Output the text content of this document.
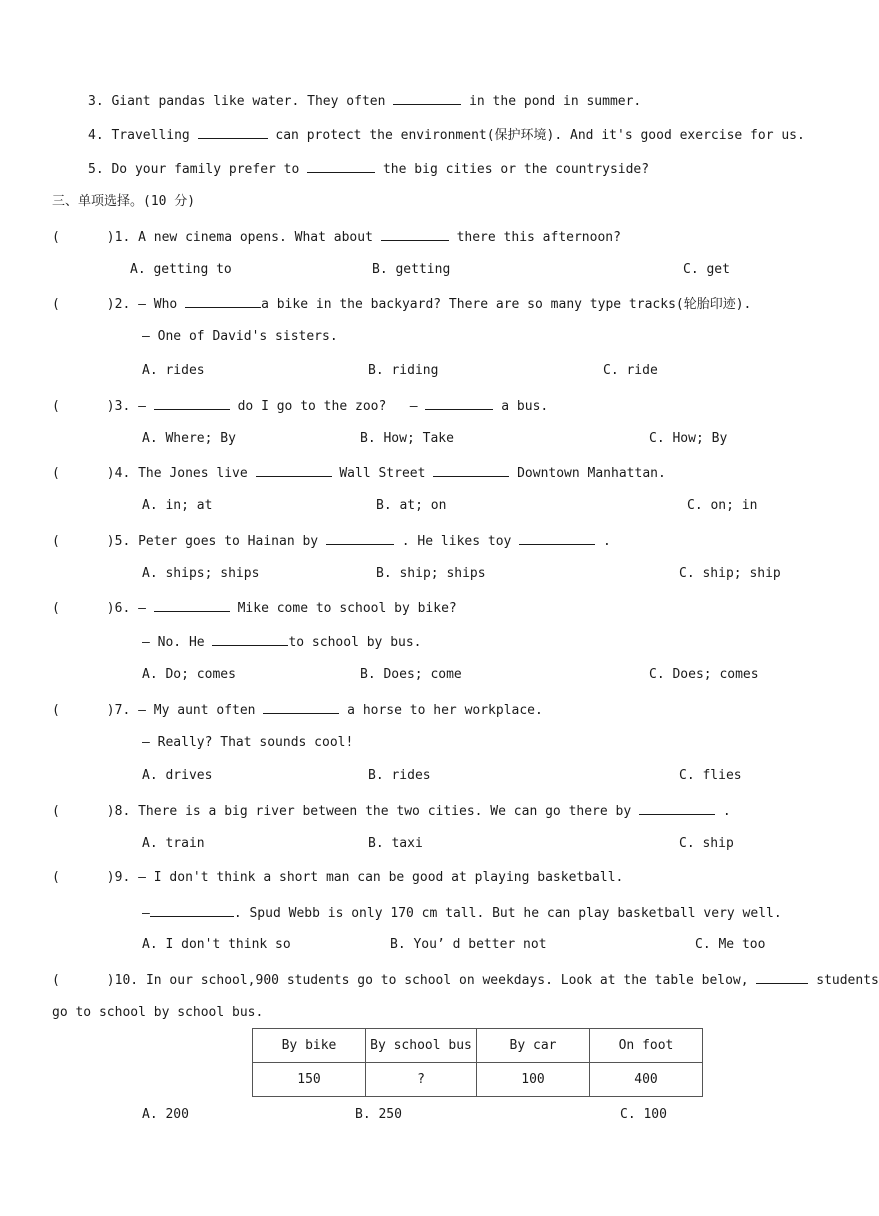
3. Giant pandas like water. They often	in the pond in summer.
4. Travelling	can protect the environment(保护环境). And it's good exercise for us.
5. Do your family prefer to	the big cities or the countryside?
三、单项选择。(10 分)
(      )1. A new cinema opens. What about	there this afternoon?
A. getting to	B. getting	C. get
(      )2. — Who	a bike in the backyard? There are so many type tracks(轮胎印迹).
— One of David's sisters.
A. rides	B. riding	C. ride
(      )3. —	do I go to the zoo?   —	a bus.
A. Where; By	B. How; Take	C. How; By
(      )4. The Jones live	Wall Street	Downtown Manhattan.
A. in; at	B. at; on	C. on; in
(      )5. Peter goes to Hainan by	. He likes toy	.
A. ships; ships	B. ship; ships	C. ship; ship
(      )6. —	Mike come to school by bike?
— No. He	to school by bus.
A. Do; comes	B. Does; come	C. Does; comes
(      )7. — My aunt often	a horse to her workplace.
— Really? That sounds cool!
A. drives	B. rides	C. flies
(      )8. There is a big river between the two cities. We can go there by	.
A. train	B. taxi	C. ship
(      )9. — I don't think a short man can be good at playing basketball.
—	. Spud Webb is only 170 cm tall. But he can play basketball very well.
A. I don't think so	B. You’ d better not	C. Me too
(      )10. In our school,900 students go to school on weekdays. Look at the table below,	students
go to school by school bus.
By bike	By school bus	By car	On foot
150	?	100	400
A. 200	B. 250	C. 100
